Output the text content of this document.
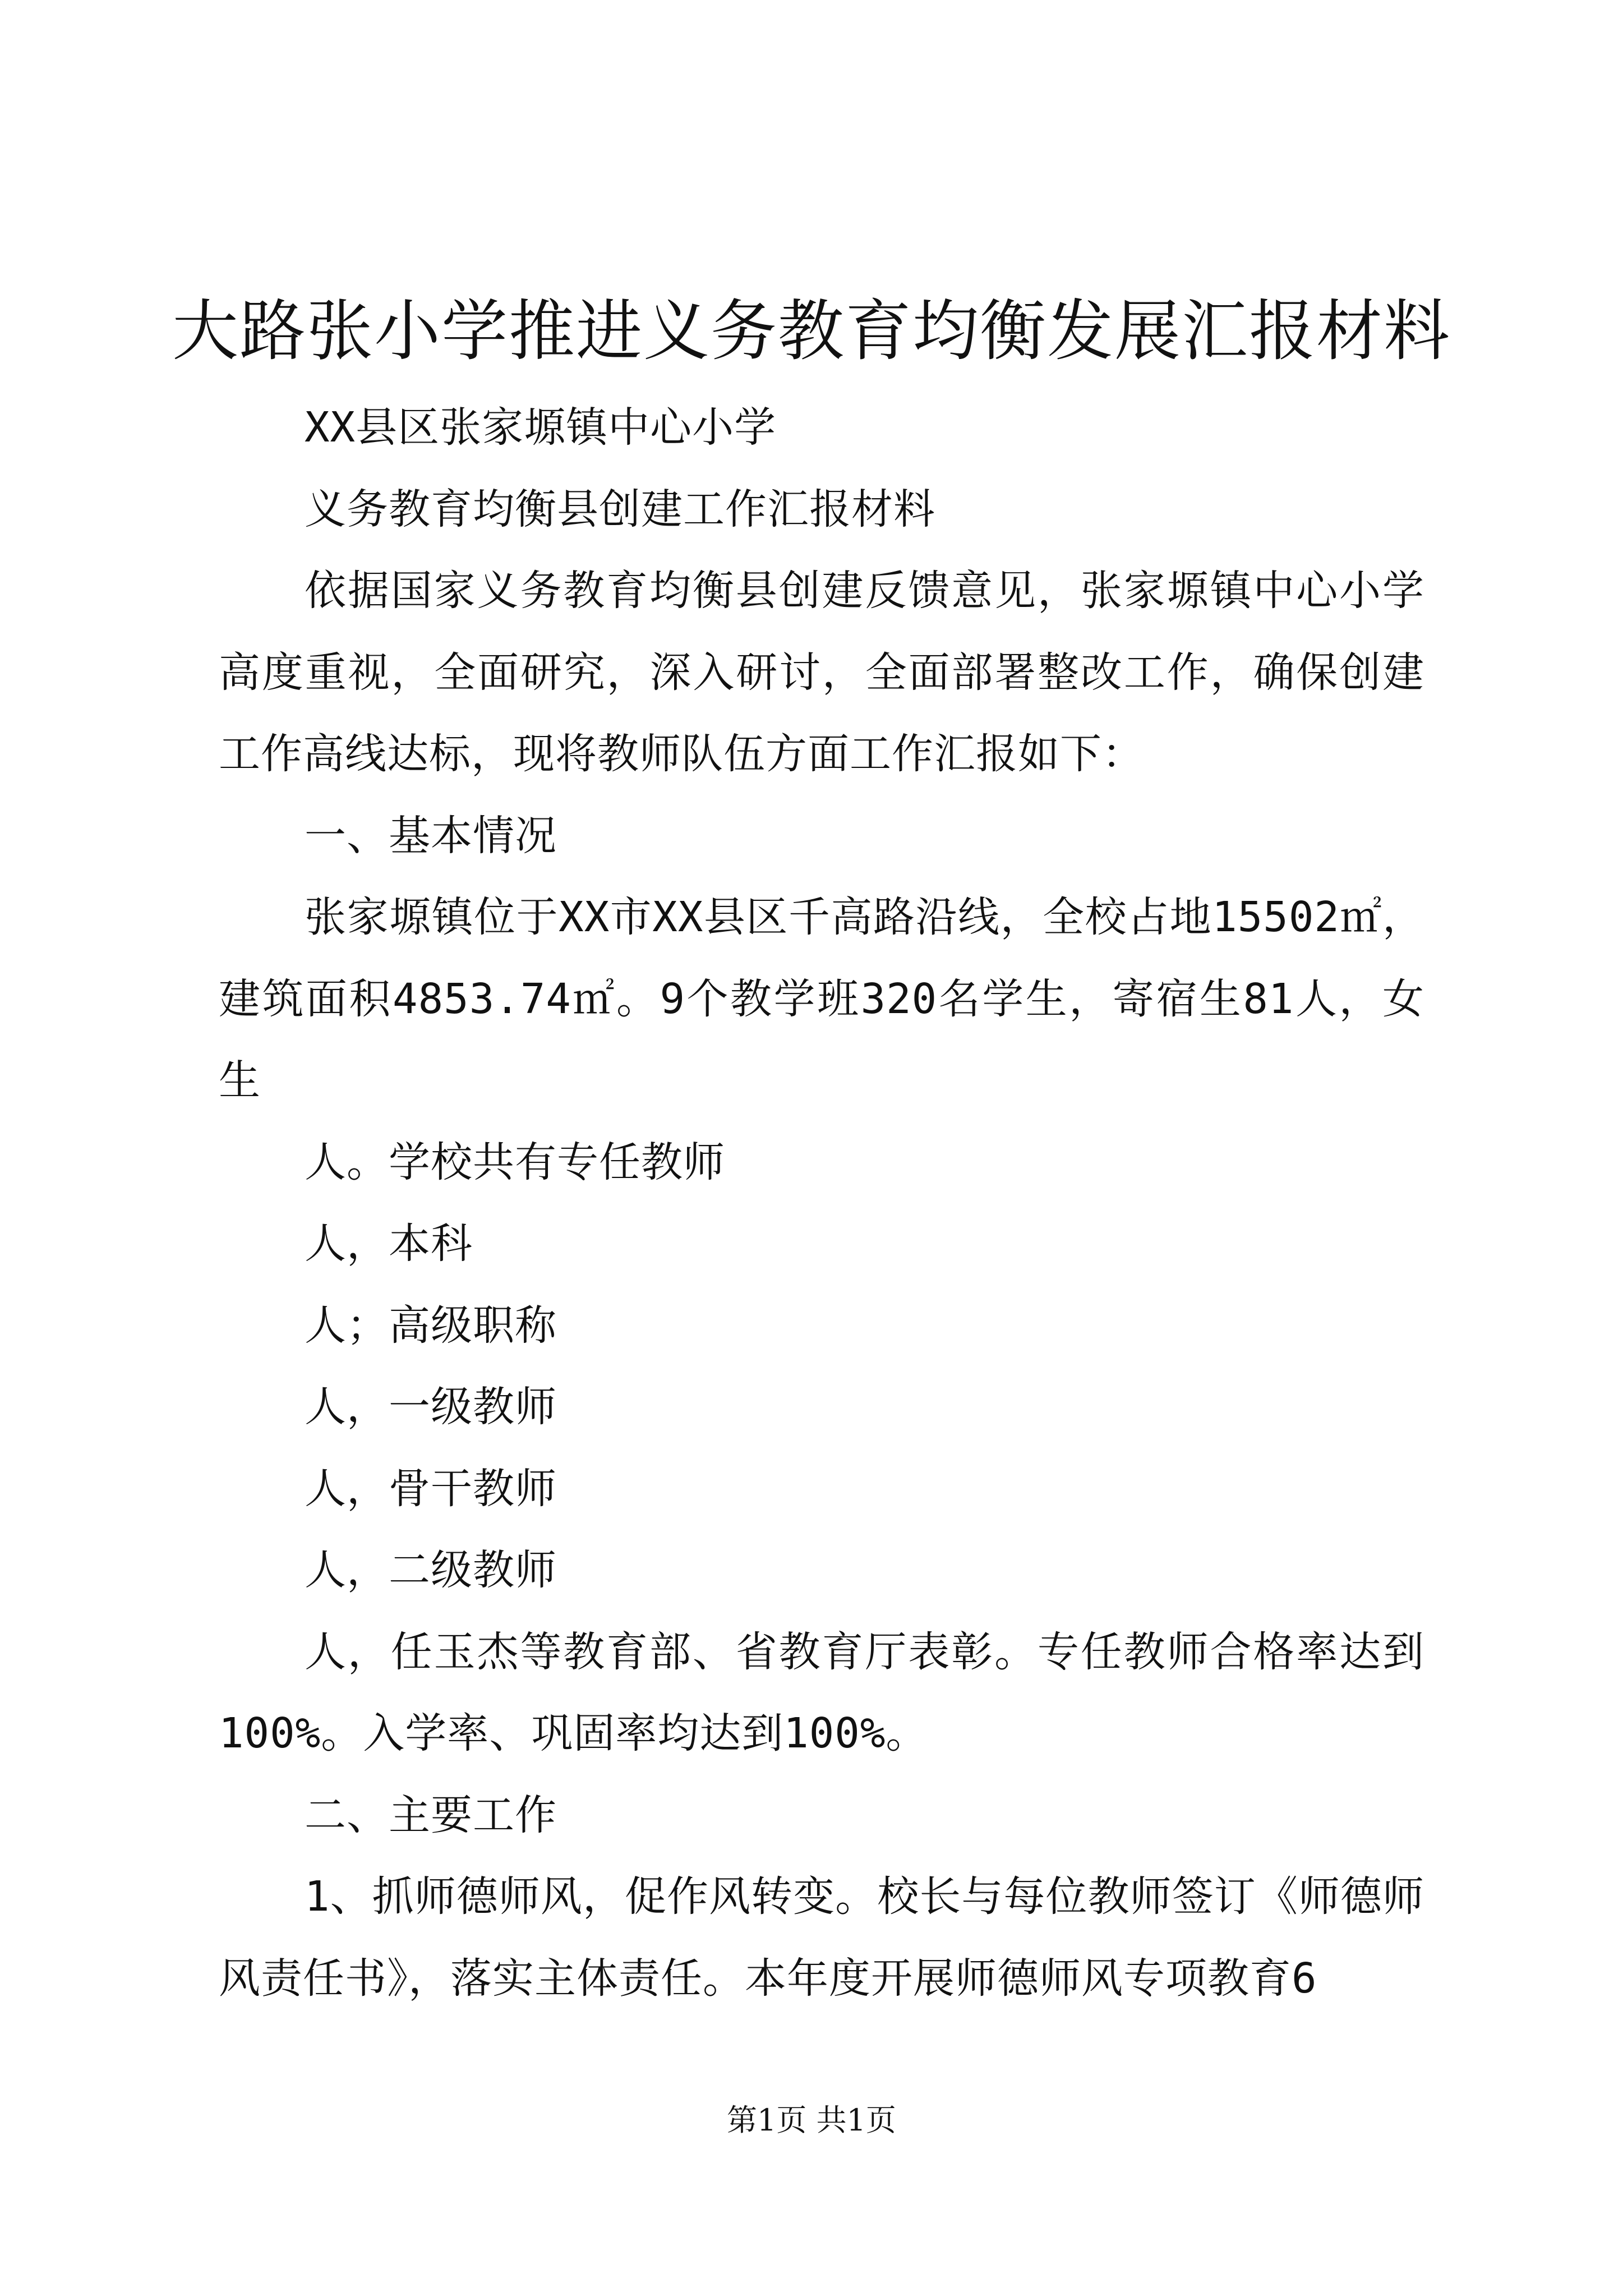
大路张小学推进义务教育均衡发展汇报材料

XX县区张家塬镇中心小学

义务教育均衡县创建工作汇报材料

依据国家义务教育均衡县创建反馈意见，张家塬镇中心小学高度重视，全面研究，深入研讨，全面部署整改工作，确保创建工作高线达标，现将教师队伍方面工作汇报如下：

一、基本情况

张家塬镇位于XX市XX县区千高路沿线，全校占地15502㎡，建筑面积4853.74㎡。9个教学班320名学生，寄宿生81人，女生

人。学校共有专任教师

人，本科

人；高级职称

人，一级教师

人，骨干教师

人，二级教师

人，任玉杰等教育部、省教育厅表彰。专任教师合格率达到100%。入学率、巩固率均达到100%。

二、主要工作

1、抓师德师风，促作风转变。校长与每位教师签订《师德师风责任书》，落实主体责任。本年度开展师德师风专项教育6

第1页 共1页
